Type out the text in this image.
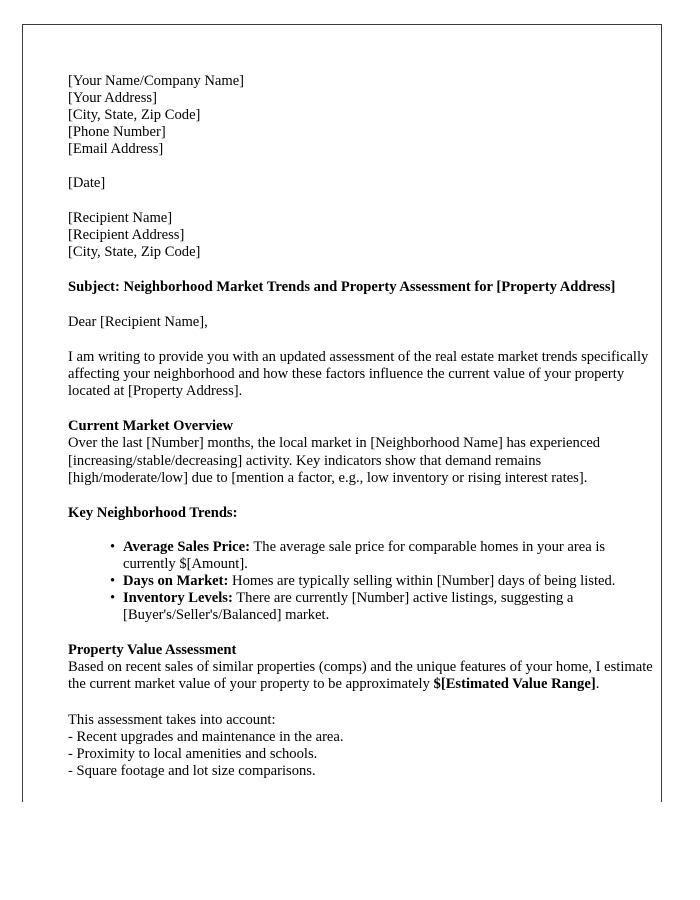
[Your Name/Company Name]
[Your Address]
[City, State, Zip Code]
[Phone Number]
[Email Address]
[Date]
[Recipient Name]
[Recipient Address]
[City, State, Zip Code]
Subject: Neighborhood Market Trends and Property Assessment for [Property Address]
Dear [Recipient Name],
I am writing to provide you with an updated assessment of the real estate market trends specifically affecting your neighborhood and how these factors influence the current value of your property located at [Property Address].
Current Market Overview
Over the last [Number] months, the local market in [Neighborhood Name] has experienced [increasing/stable/decreasing] activity. Key indicators show that demand remains [high/moderate/low] due to [mention a factor, e.g., low inventory or rising interest rates].
Key Neighborhood Trends:
• Average Sales Price: The average sale price for comparable homes in your area is currently $[Amount].
• Days on Market: Homes are typically selling within [Number] days of being listed.
• Inventory Levels: There are currently [Number] active listings, suggesting a [Buyer's/Seller's/Balanced] market.
Property Value Assessment
Based on recent sales of similar properties (comps) and the unique features of your home, I estimate the current market value of your property to be approximately $[Estimated Value Range].
This assessment takes into account:
- Recent upgrades and maintenance in the area.
- Proximity to local amenities and schools.
- Square footage and lot size comparisons.
